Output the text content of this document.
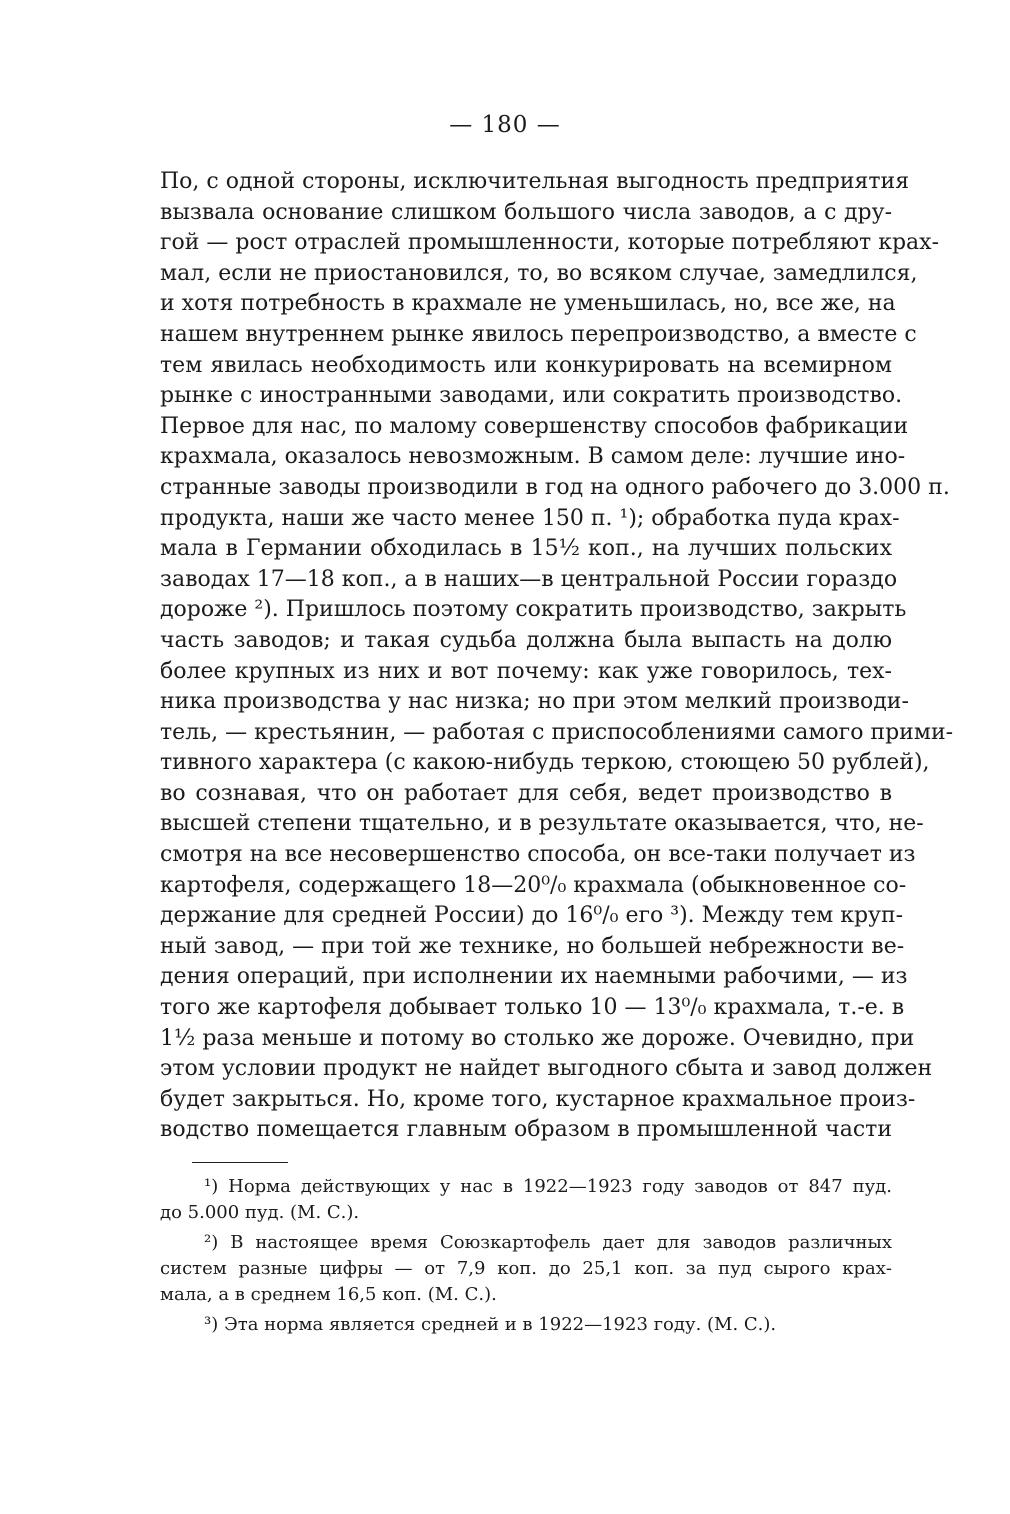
— 180 —
По, с одной стороны, исключительная выгодность предприятия
вызвала основание слишком большого числа заводов, а с дру-
гой — рост отраслей промышленности, которые потребляют крах-
мал, если не приостановился, то, во всяком случае, замедлился,
и хотя потребность в крахмале не уменьшилась, но, все же, на
нашем внутреннем рынке явилось перепроизводство, а вместе с
тем явилась необходимость или конкурировать на всемирном
рынке с иностранными заводами, или сократить производство.
Первое для нас, по малому совершенству способов фабрикации
крахмала, оказалось невозможным. В самом деле: лучшие ино-
странные заводы производили в год на одного рабочего до 3.000 п.
продукта, наши же часто менее 150 п. ¹); обработка пуда крах-
мала в Германии обходилась в 15½ коп., на лучших польских
заводах 17—18 коп., а в наших—в центральной России гораздо
дороже ²). Пришлось поэтому сократить производство, закрыть
часть заводов; и такая судьба должна была выпасть на долю
более крупных из них и вот почему: как уже говорилось, тех-
ника производства у нас низка; но при этом мелкий производи-
тель, — крестьянин, — работая с приспособлениями самого прими-
тивного характера (с какою-нибудь теркою, стоющею 50 рублей),
во сознавая, что он работает для себя, ведет производство в
высшей степени тщательно, и в результате оказывается, что, не-
смотря на все несовершенство способа, он все-таки получает из
картофеля, содержащего 18—20⁰/₀ крахмала (обыкновенное со-
держание для средней России) до 16⁰/₀ его ³). Между тем круп-
ный завод, — при той же технике, но большей небрежности ве-
дения операций, при исполнении их наемными рабочими, — из
того же картофеля добывает только 10 — 13⁰/₀ крахмала, т.-е. в
1½ раза меньше и потому во столько же дороже. Очевидно, при
этом условии продукт не найдет выгодного сбыта и завод должен
будет закрыться. Но, кроме того, кустарное крахмальное произ-
водство помещается главным образом в промышленной части
¹) Норма действующих у нас в 1922—1923 году заводов от 847 пуд.
до 5.000 пуд. (М. С.).
²) В настоящее время Союзкартофель дает для заводов различных
систем разные цифры — от 7,9 коп. до 25,1 коп. за пуд сырого крах-
мала, а в среднем 16,5 коп. (М. С.).
³) Эта норма является средней и в 1922—1923 году. (М. С.).
